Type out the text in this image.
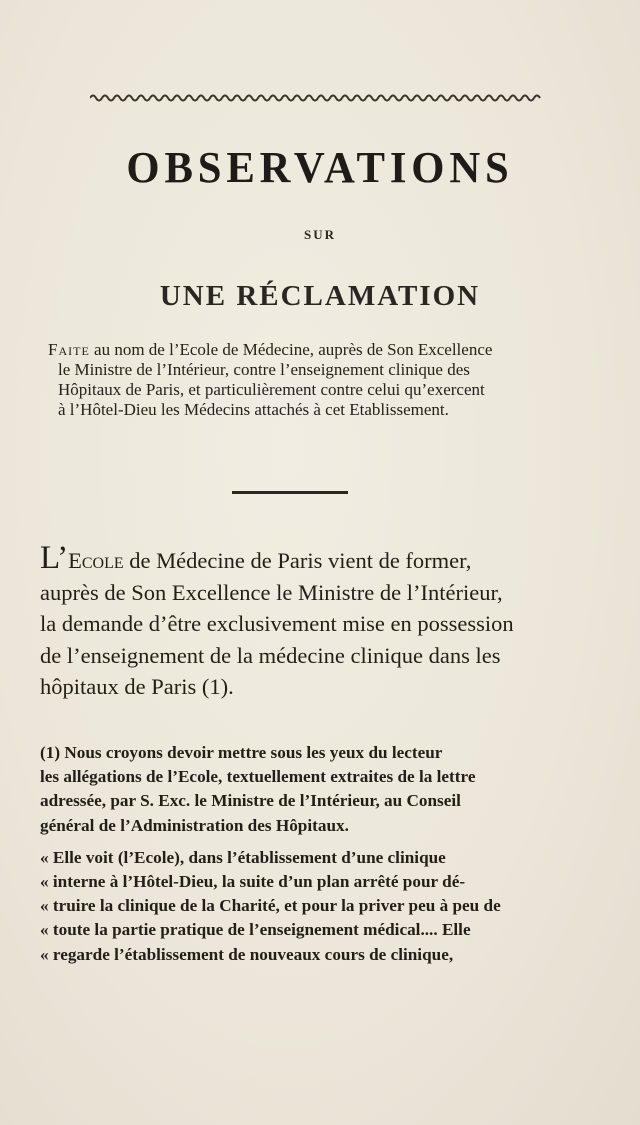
OBSERVATIONS
SUR
UNE RÉCLAMATION
Faite au nom de l’Ecole de Médecine, auprès de Son Excellence
le Ministre de l’Intérieur, contre l’enseignement clinique des
Hôpitaux de Paris, et particulièrement contre celui qu’exercent
à l’Hôtel-Dieu les Médecins attachés à cet Etablissement.
L’Ecole de Médecine de Paris vient de former,
auprès de Son Excellence le Ministre de l’Intérieur,
la demande d’être exclusivement mise en possession
de l’enseignement de la médecine clinique dans les
hôpitaux de Paris (1).
(1) Nous croyons devoir mettre sous les yeux du lecteur
les allégations de l’Ecole, textuellement extraites de la lettre
adressée, par S. Exc. le Ministre de l’Intérieur, au Conseil
général de l’Administration des Hôpitaux.
« Elle voit (l’Ecole), dans l’établissement d’une clinique
« interne à l’Hôtel-Dieu, la suite d’un plan arrêté pour dé-
« truire la clinique de la Charité, et pour la priver peu à peu de
« toute la partie pratique de l’enseignement médical.... Elle
« regarde l’établissement de nouveaux cours de clinique,
